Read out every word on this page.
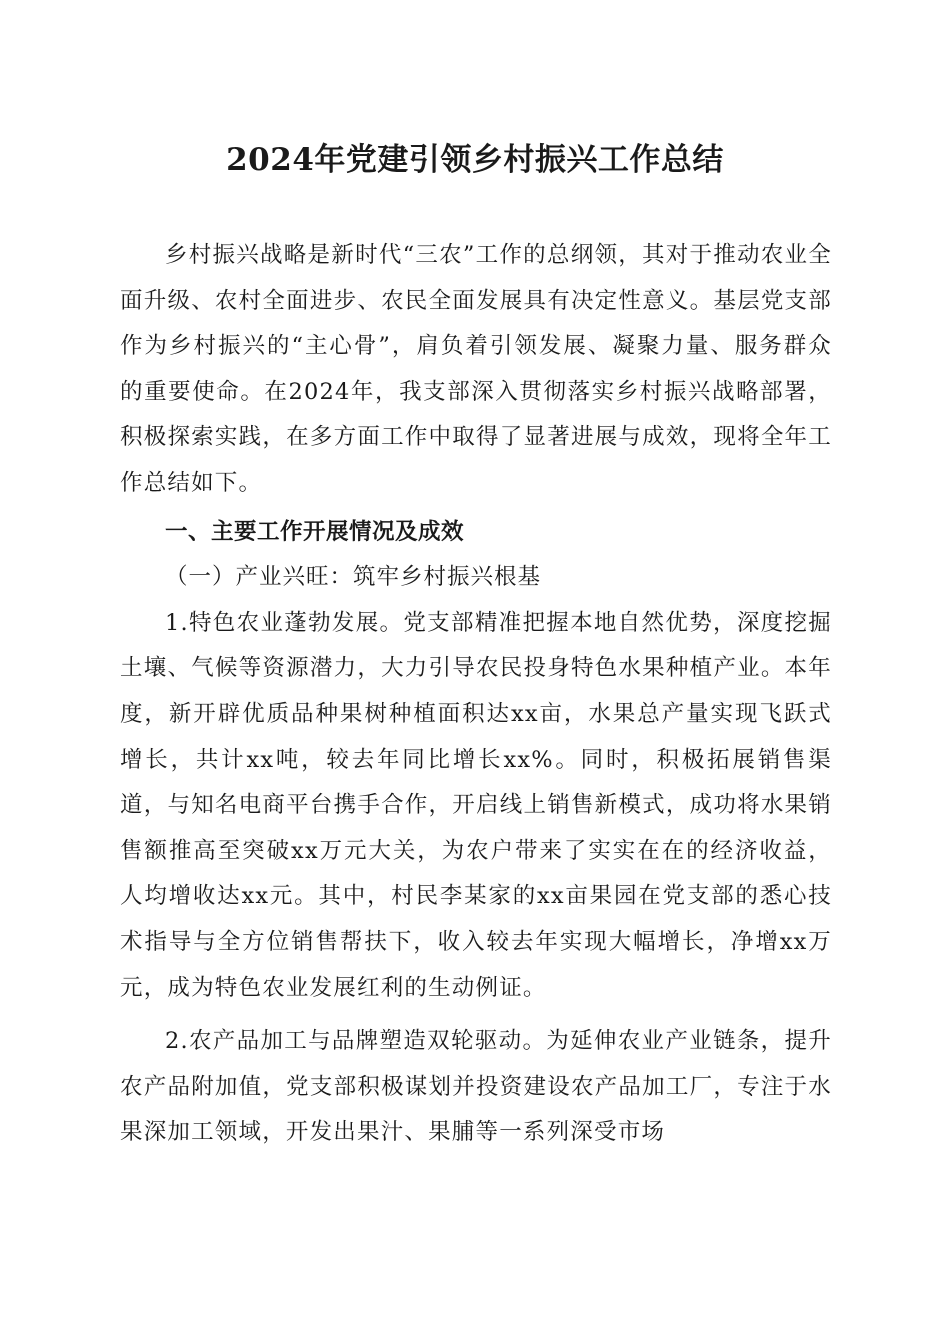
2024年党建引领乡村振兴工作总结

乡村振兴战略是新时代“三农”工作的总纲领，其对于推动农业全面升级、农村全面进步、农民全面发展具有决定性意义。基层党支部作为乡村振兴的“主心骨”，肩负着引领发展、凝聚力量、服务群众的重要使命。在2024年，我支部深入贯彻落实乡村振兴战略部署，积极探索实践，在多方面工作中取得了显著进展与成效，现将全年工作总结如下。

一、主要工作开展情况及成效

（一）产业兴旺：筑牢乡村振兴根基

1.特色农业蓬勃发展。党支部精准把握本地自然优势，深度挖掘土壤、气候等资源潜力，大力引导农民投身特色水果种植产业。本年度，新开辟优质品种果树种植面积达xx亩，水果总产量实现飞跃式增长，共计xx吨，较去年同比增长xx%。同时，积极拓展销售渠道，与知名电商平台携手合作，开启线上销售新模式，成功将水果销售额推高至突破xx万元大关，为农户带来了实实在在的经济收益，人均增收达xx元。其中，村民李某家的xx亩果园在党支部的悉心技术指导与全方位销售帮扶下，收入较去年实现大幅增长，净增xx万元，成为特色农业发展红利的生动例证。

2.农产品加工与品牌塑造双轮驱动。为延伸农业产业链条，提升农产品附加值，党支部积极谋划并投资建设农产品加工厂，专注于水果深加工领域，开发出果汁、果脯等一系列深受市场
